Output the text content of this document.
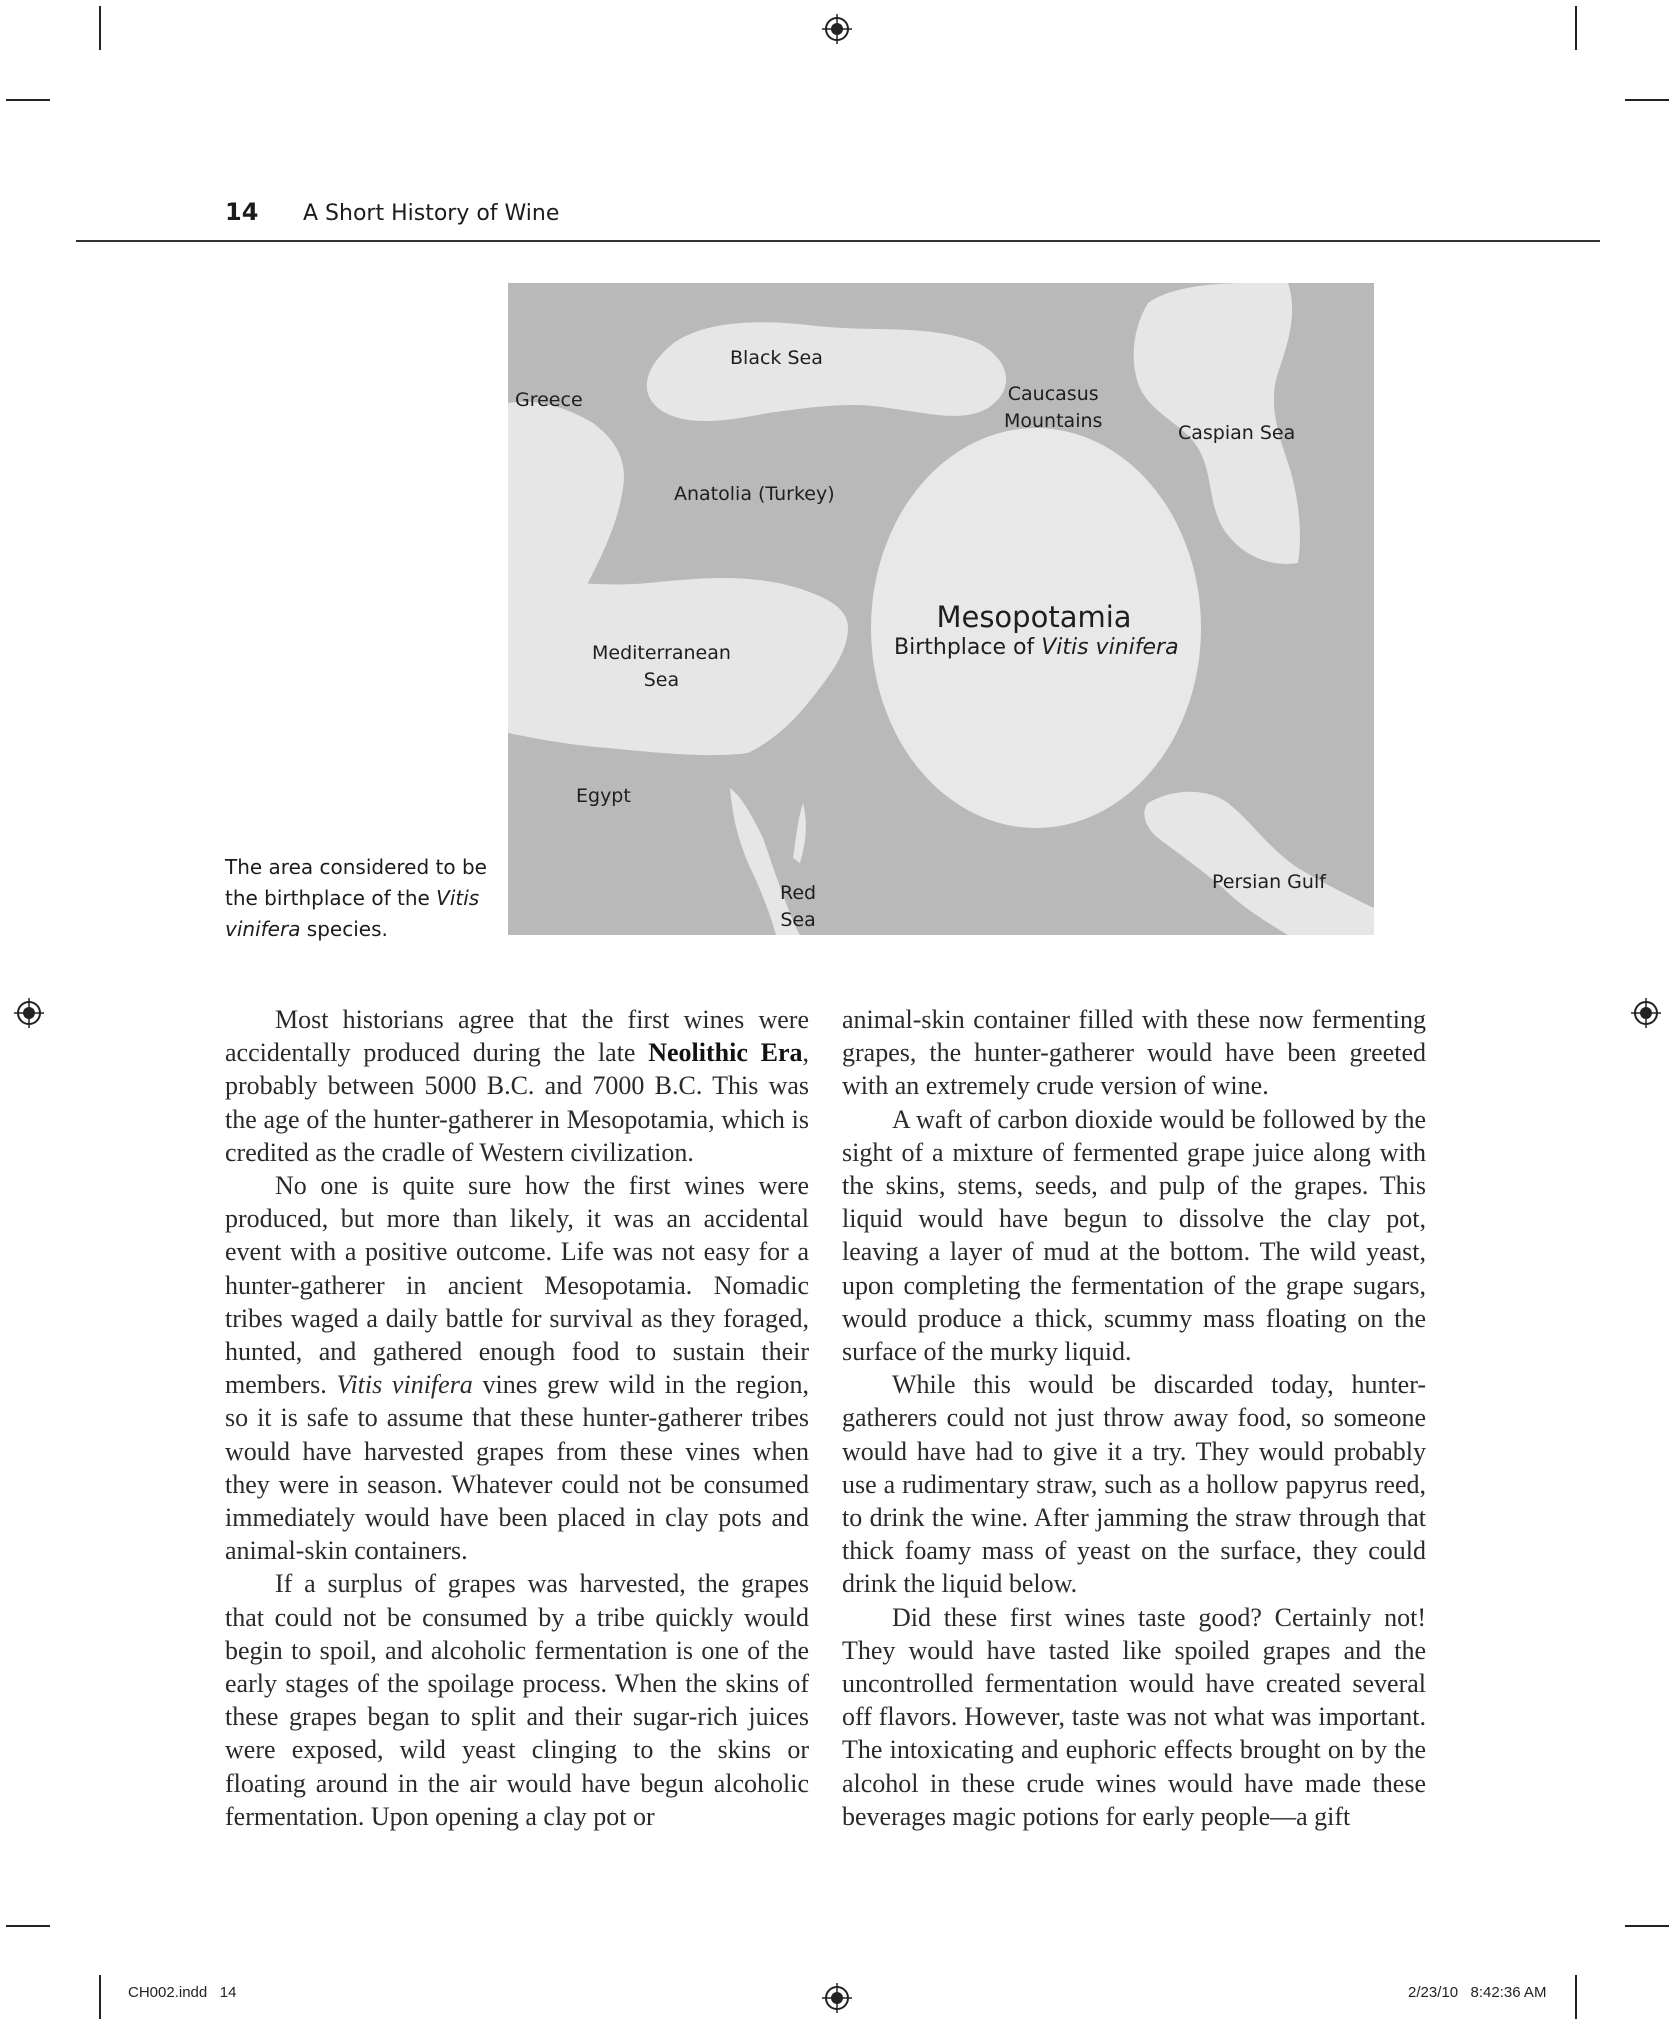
14 A Short History of Wine
Black Sea
Greece	Caucasus
Mountains
Caspian Sea
Anatolia (Turkey)
Mesopotamia
Birthplace of Vitis vinifera
Mediterranean
Sea
Egypt
Red
Sea
Persian Gulf
The area considered to be the birthplace of the Vitis vinifera species.

Most historians agree that the first wines were accidentally produced during the late Neolithic Era, probably between 5000 B.C. and 7000 B.C. This was the age of the hunter-gatherer in Mesopotamia, which is credited as the cradle of Western civilization.

No one is quite sure how the first wines were produced, but more than likely, it was an accidental event with a positive outcome. Life was not easy for a hunter-gatherer in ancient Mesopotamia. Nomadic tribes waged a daily battle for survival as they foraged, hunted, and gathered enough food to sustain their members. Vitis vinifera vines grew wild in the region, so it is safe to assume that these hunter-gatherer tribes would have harvested grapes from these vines when they were in season. Whatever could not be consumed immediately would have been placed in clay pots and animal-skin containers.

If a surplus of grapes was harvested, the grapes that could not be consumed by a tribe quickly would begin to spoil, and alcoholic fermentation is one of the early stages of the spoilage process. When the skins of these grapes began to split and their sugar-rich juices were exposed, wild yeast clinging to the skins or floating around in the air would have begun alcoholic fermentation. Upon opening a clay pot or

animal-skin container filled with these now fermenting grapes, the hunter-gatherer would have been greeted with an extremely crude version of wine.

A waft of carbon dioxide would be followed by the sight of a mixture of fermented grape juice along with the skins, stems, seeds, and pulp of the grapes. This liquid would have begun to dissolve the clay pot, leaving a layer of mud at the bottom. The wild yeast, upon completing the fermentation of the grape sugars, would produce a thick, scummy mass floating on the surface of the murky liquid.

While this would be discarded today, hunter-gatherers could not just throw away food, so someone would have had to give it a try. They would probably use a rudimentary straw, such as a hollow papyrus reed, to drink the wine. After jamming the straw through that thick foamy mass of yeast on the surface, they could drink the liquid below.

Did these first wines taste good? Certainly not! They would have tasted like spoiled grapes and the uncontrolled fermentation would have created several off flavors. However, taste was not what was important. The intoxicating and euphoric effects brought on by the alcohol in these crude wines would have made these beverages magic potions for early people—a gift

CH002.indd   14	2/23/10   8:42:36 AM
